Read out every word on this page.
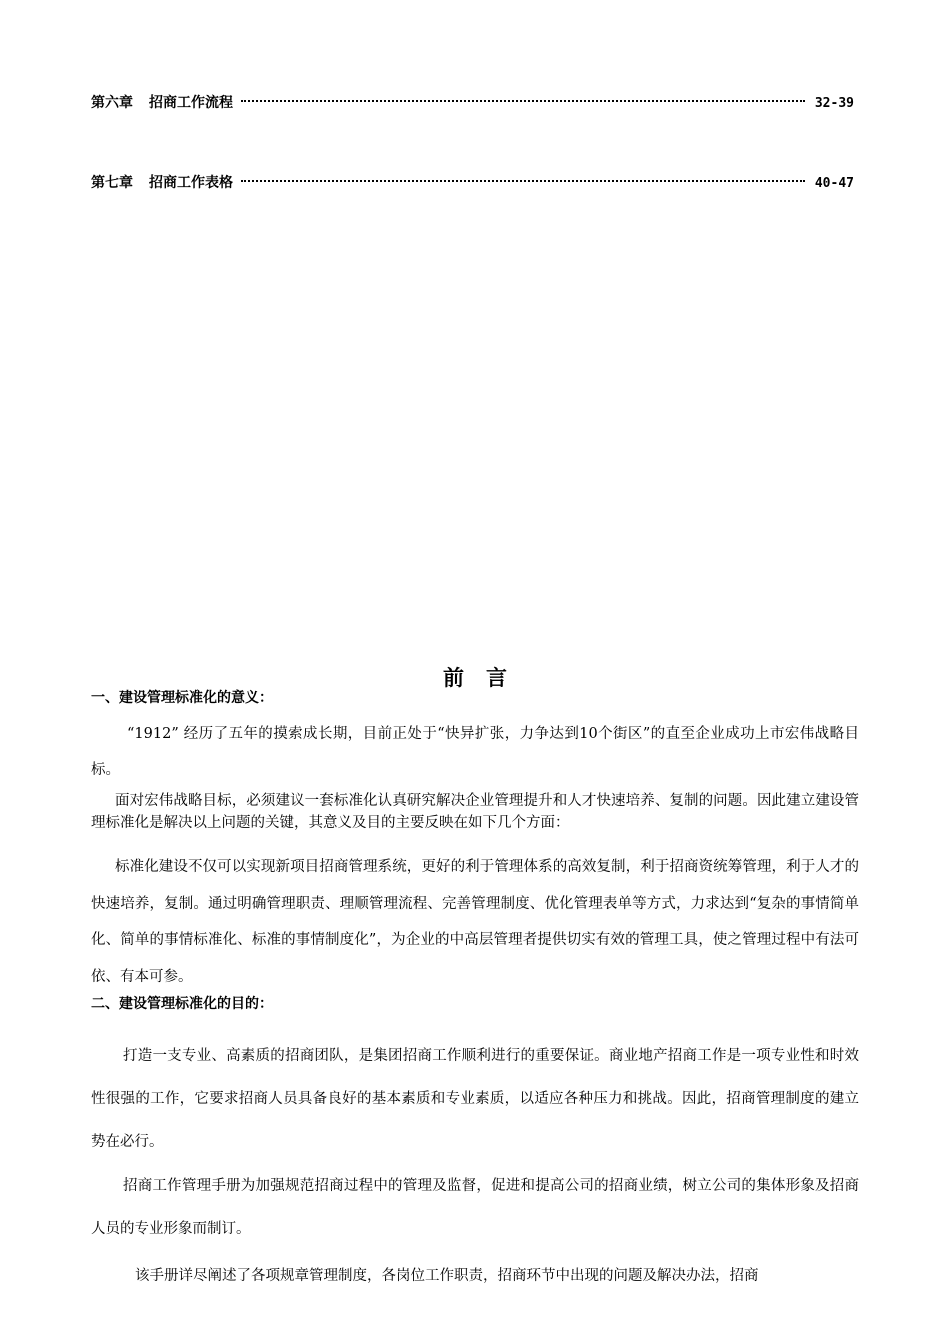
第六章 招商工作流程	32-39
第七章 招商工作表格	40-47
前言
一、建设管理标准化的意义：

“1912” 经历了五年的摸索成长期，目前正处于“快异扩张，力争达到10个街区”的直至企业成功上市宏伟战略目标。

面对宏伟战略目标，必须建议一套标准化认真研究解决企业管理提升和人才快速培养、复制的问题。因此建立建设管理标准化是解决以上问题的关键，其意义及目的主要反映在如下几个方面：

标准化建设不仅可以实现新项目招商管理系统，更好的利于管理体系的高效复制，利于招商资统筹管理，利于人才的快速培养，复制。通过明确管理职责、理顺管理流程、完善管理制度、优化管理表单等方式，力求达到“复杂的事情简单化、简单的事情标准化、标准的事情制度化”，为企业的中高层管理者提供切实有效的管理工具，使之管理过程中有法可依、有本可参。

二、建设管理标准化的目的：

打造一支专业、高素质的招商团队，是集团招商工作顺利进行的重要保证。商业地产招商工作是一项专业性和时效性很强的工作，它要求招商人员具备良好的基本素质和专业素质，以适应各种压力和挑战。因此，招商管理制度的建立势在必行。

招商工作管理手册为加强规范招商过程中的管理及监督，促进和提高公司的招商业绩，树立公司的集体形象及招商人员的专业形象而制订。

该手册详尽阐述了各项规章管理制度，各岗位工作职责，招商环节中出现的问题及解决办法，招商
